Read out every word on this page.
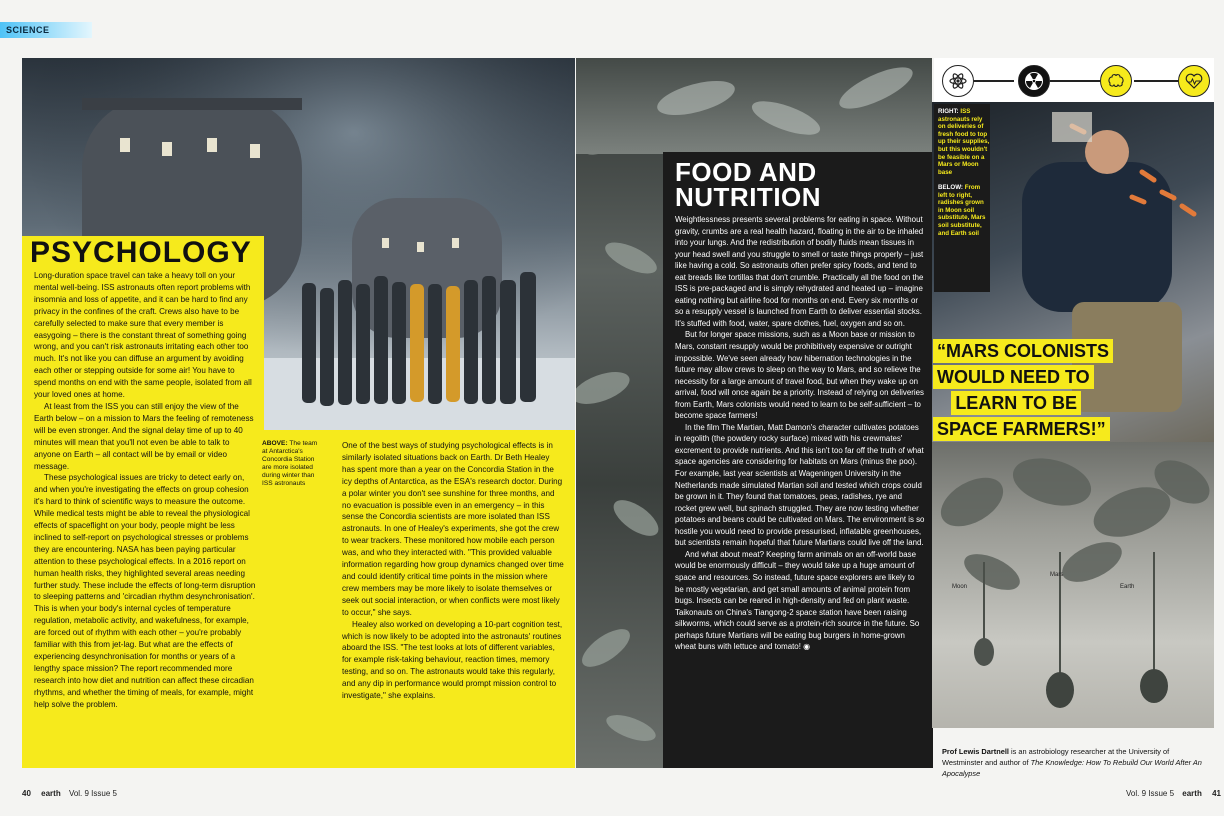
SCIENCE
PSYCHOLOGY

Long-duration space travel can take a heavy toll on your mental well-being. ISS astronauts often report problems with insomnia and loss of appetite, and it can be hard to find any privacy in the confines of the craft. Crews also have to be carefully selected to make sure that every member is easygoing – there is the constant threat of something going wrong, and you can't risk astronauts irritating each other too much. It's not like you can diffuse an argument by avoiding each other or stepping outside for some air! You have to spend months on end with the same people, isolated from all your loved ones at home.

At least from the ISS you can still enjoy the view of the Earth below – on a mission to Mars the feeling of remoteness will be even stronger. And the signal delay time of up to 40 minutes will mean that you'll not even be able to talk to anyone on Earth – all contact will be by email or video message.

These psychological issues are tricky to detect early on, and when you're investigating the effects on group cohesion it's hard to think of scientific ways to measure the outcome. While medical tests might be able to reveal the physiological effects of spaceflight on your body, people might be less inclined to self-report on psychological stresses or problems they are encountering. NASA has been paying particular attention to these psychological effects. In a 2016 report on human health risks, they highlighted several areas needing further study. These include the effects of long-term disruption to sleeping patterns and 'circadian rhythm desynchronisation'. This is when your body's internal cycles of temperature regulation, metabolic activity, and wakefulness, for example, are forced out of rhythm with each other – you're probably familiar with this from jet-lag. But what are the effects of experiencing desynchronisation for months or years of a lengthy space mission? The report recommended more research into how diet and nutrition can affect these circadian rhythms, and whether the timing of meals, for example, might help solve the problem.

ABOVE: The team at Antarctica's Concordia Station are more isolated during winter than ISS astronauts

One of the best ways of studying psychological effects is in similarly isolated situations back on Earth. Dr Beth Healey has spent more than a year on the Concordia Station in the icy depths of Antarctica, as the ESA's research doctor. During a polar winter you don't see sunshine for three months, and no evacuation is possible even in an emergency – in this sense the Concordia scientists are more isolated than ISS astronauts. In one of Healey's experiments, she got the crew to wear trackers. These monitored how mobile each person was, and who they interacted with. "This provided valuable information regarding how group dynamics changed over time and could identify critical time points in the mission where crew members may be more likely to isolate themselves or seek out social interaction, or when conflicts were most likely to occur," she says.

Healey also worked on developing a 10-part cognition test, which is now likely to be adopted into the astronauts' routines aboard the ISS. "The test looks at lots of different variables, for example risk-taking behaviour, reaction times, memory testing, and so on. The astronauts would take this regularly, and any dip in performance would prompt mission control to investigate," she explains.

FOOD AND
NUTRITION

Weightlessness presents several problems for eating in space. Without gravity, crumbs are a real health hazard, floating in the air to be inhaled into your lungs. And the redistribution of bodily fluids mean tissues in your head swell and you struggle to smell or taste things properly – just like having a cold. So astronauts often prefer spicy foods, and tend to eat breads like tortillas that don't crumble. Practically all the food on the ISS is pre-packaged and is simply rehydrated and heated up – imagine eating nothing but airline food for months on end. Every six months or so a resupply vessel is launched from Earth to deliver essential stocks. It's stuffed with food, water, spare clothes, fuel, oxygen and so on.

But for longer space missions, such as a Moon base or mission to Mars, constant resupply would be prohibitively expensive or outright impossible. We've seen already how hibernation technologies in the future may allow crews to sleep on the way to Mars, and so relieve the necessity for a large amount of travel food, but when they wake up on arrival, food will once again be a priority. Instead of relying on deliveries from Earth, Mars colonists would need to learn to be self-sufficient – to become space farmers!

In the film The Martian, Matt Damon's character cultivates potatoes in regolith (the powdery rocky surface) mixed with his crewmates' excrement to provide nutrients. And this isn't too far off the truth of what space agencies are considering for habitats on Mars (minus the poo). For example, last year scientists at Wageningen University in the Netherlands made simulated Martian soil and tested which crops could be grown in it. They found that tomatoes, peas, radishes, rye and rocket grew well, but spinach struggled. They are now testing whether potatoes and beans could be cultivated on Mars. The environment is so hostile you would need to provide pressurised, inflatable greenhouses, but scientists remain hopeful that future Martians could live off the land.

And what about meat? Keeping farm animals on an off-world base would be enormously difficult – they would take up a huge amount of space and resources. So instead, future space explorers are likely to be mostly vegetarian, and get small amounts of animal protein from bugs. Insects can be reared in high-density and fed on plant waste. Taikonauts on China's Tiangong-2 space station have been raising silkworms, which could serve as a protein-rich source in the future. So perhaps future Martians will be eating bug burgers in home-grown wheat buns with lettuce and tomato! ◉

RIGHT: ISS astronauts rely on deliveries of fresh food to top up their supplies, but this wouldn't be feasible on a Mars or Moon base

BELOW: From left to right, radishes grown in Moon soil substitute, Mars soil substitute, and Earth soil
“MARS COLONISTS
WOULD NEED TO
LEARN TO BE
SPACE FARMERS!”
Moon
Mars
Earth
Prof Lewis Dartnell is an astrobiology researcher at the University of Westminster and author of The Knowledge: How To Rebuild Our World After An Apocalypse
40 earth Vol. 9 Issue 5	Vol. 9 Issue 5 earth 41
